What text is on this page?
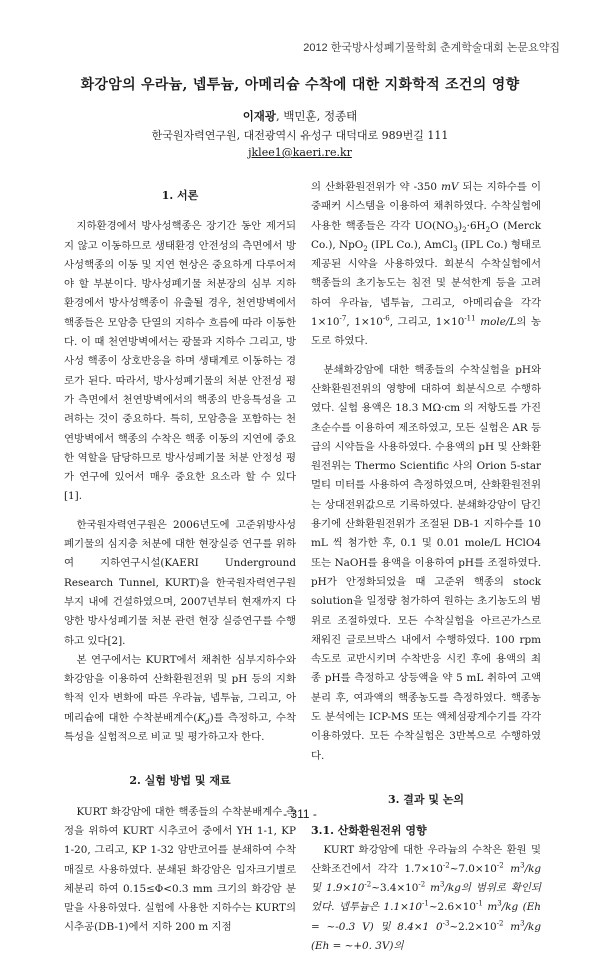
2012 한국방사성폐기물학회 춘계학술대회 논문요약집
화강암의 우라늄, 넵투늄, 아메리슘 수착에 대한 지화학적 조건의 영향
이재광, 백민훈, 정종태
한국원자력연구원, 대전광역시 유성구 대덕대로 989번길 111
jklee1@kaeri.re.kr
1. 서론

지하환경에서 방사성핵종은 장기간 동안 제거되지 않고 이동하므로 생태환경 안전성의 측면에서 방사성핵종의 이동 및 지연 현상은 중요하게 다루어져야 할 부분이다. 방사성폐기물 처분장의 심부 지하 환경에서 방사성핵종이 유출될 경우, 천연방벽에서 핵종들은 모암층 단열의 지하수 흐름에 따라 이동한다. 이 때 천연방벽에서는 광물과 지하수 그리고, 방사성 핵종이 상호반응을 하며 생태계로 이동하는 경로가 된다. 따라서, 방사성폐기물의 처분 안전성 평가 측면에서 천연방벽에서의 핵종의 반응특성을 고려하는 것이 중요하다. 특히, 모암층을 포함하는 천연방벽에서 핵종의 수착은 핵종 이동의 지연에 중요한 역할을 담당하므로 방사성폐기물 처분 안정성 평가 연구에 있어서 매우 중요한 요소라 할 수 있다[1].

한국원자력연구원은 2006년도에 고준위방사성폐기물의 심지층 처분에 대한 현장실증 연구를 위하여 지하연구시설(KAERI Underground Research Tunnel, KURT)을 한국원자력연구원 부지 내에 건설하였으며, 2007년부터 현재까지 다양한 방사성폐기물 처분 관련 현장 실증연구를 수행하고 있다[2].

본 연구에서는 KURT에서 채취한 심부지하수와 화강암을 이용하여 산화환원전위 및 pH 등의 지화학적 인자 변화에 따른 우라늄, 넵투늄, 그리고, 아메리슘에 대한 수착분배계수$(K_d)$를 측정하고, 수착특성을 실험적으로 비교 및 평가하고자 한다.

2. 실험 방법 및 재료

KURT 화강암에 대한 핵종들의 수착분배계수 측정을 위하여 KURT 시추코어 중에서 YH 1-1, KP 1-20, 그리고, KP 1-32 암반코어를 분쇄하여 수착 매질로 사용하였다. 분쇄된 화강암은 입자크기별로 체분리 하여 0.15≤Φ<0.3 mm 크기의 화강암 분말을 사용하였다. 실험에 사용한 지하수는 KURT의 시추공(DB-1)에서 지하 200 m 지점

의 산화환원전위가 약 -350 mV 되는 지하수를 이중패커 시스템을 이용하여 채취하였다. 수착실험에 사용한 핵종들은 각각 $UO(NO_3)_2\cdot 6H_2O$ (Merck Co.), NpO$_2$ (IPL Co.), AmCl$_3$ (IPL Co.) 형태로 제공된 시약을 사용하였다. 회분식 수착실험에서 핵종들의 초기농도는 침전 및 분석한계 등을 고려하여 우라늄, 넵투늄, 그리고, 아메리슘을 각각 $1\times 10^{-7}$, $1\times 10^{-6}$, 그리고, $1\times 10^{-11}$ mole/L의 농도로 하였다.

분쇄화강암에 대한 핵종들의 수착실험을 pH와 산화환원전위의 영향에 대하여 회분식으로 수행하였다. 실험 용액은 18.3 MΩ·cm 의 저항도를 가진 초순수를 이용하여 제조하였고, 모든 실험은 AR 등급의 시약들을 사용하였다. 수용액의 pH 및 산화환원전위는 Thermo Scientific 사의 Orion 5-star 멀티 미터를 사용하여 측정하였으며, 산화환원전위는 상대전위값으로 기록하였다. 분쇄화강암이 담긴 용기에 산화환원전위가 조절된 DB-1 지하수를 10 mL 씩 첨가한 후, 0.1 및 0.01 mole/L HClO4 또는 NaOH를 용액을 이용하여 pH를 조절하였다. pH가 안정화되었을 때 고준위 핵종의 stock solution을 일정량 첨가하여 원하는 초기농도의 범위로 조절하였다. 모든 수착실험을 아르곤가스로 채워진 글로브박스 내에서 수행하였다. 100 rpm 속도로 교반시키며 수착반응 시킨 후에 용액의 최종 pH를 측정하고 상등액을 약 5 mL 취하여 고액 분리 후, 여과액의 핵종농도를 측정하였다. 핵종농도 분석에는 ICP-MS 또는 액체섬광계수기를 각각 이용하였다. 모든 수착실험은 3반복으로 수행하였다.

3. 결과 및 논의
3.1. 산화환원전위 영향

KURT 화강암에 대한 우라늄의 수착은 환원 및 산화조건에서 각각 $1.7\times 10^{-2}\sim 7.0\times 10^{-2}$ $m^3/kg$ 및 $1.9\times 10^{-2}\sim 3.4\times 10^{-2}$ $m^3/kg$의 범위로 확인되었다. 넵투늄은 $1.1\times 10^{-1}\sim 2.6\times 10^{-1}$ $m^3/kg$ (Eh = ~-0.3 V) 및 8.4×1 $0^{-3}\sim 2.2\times 10^{-2}$ $m^3/kg$ (Eh = ~+0. 3V)의

- 311 -
